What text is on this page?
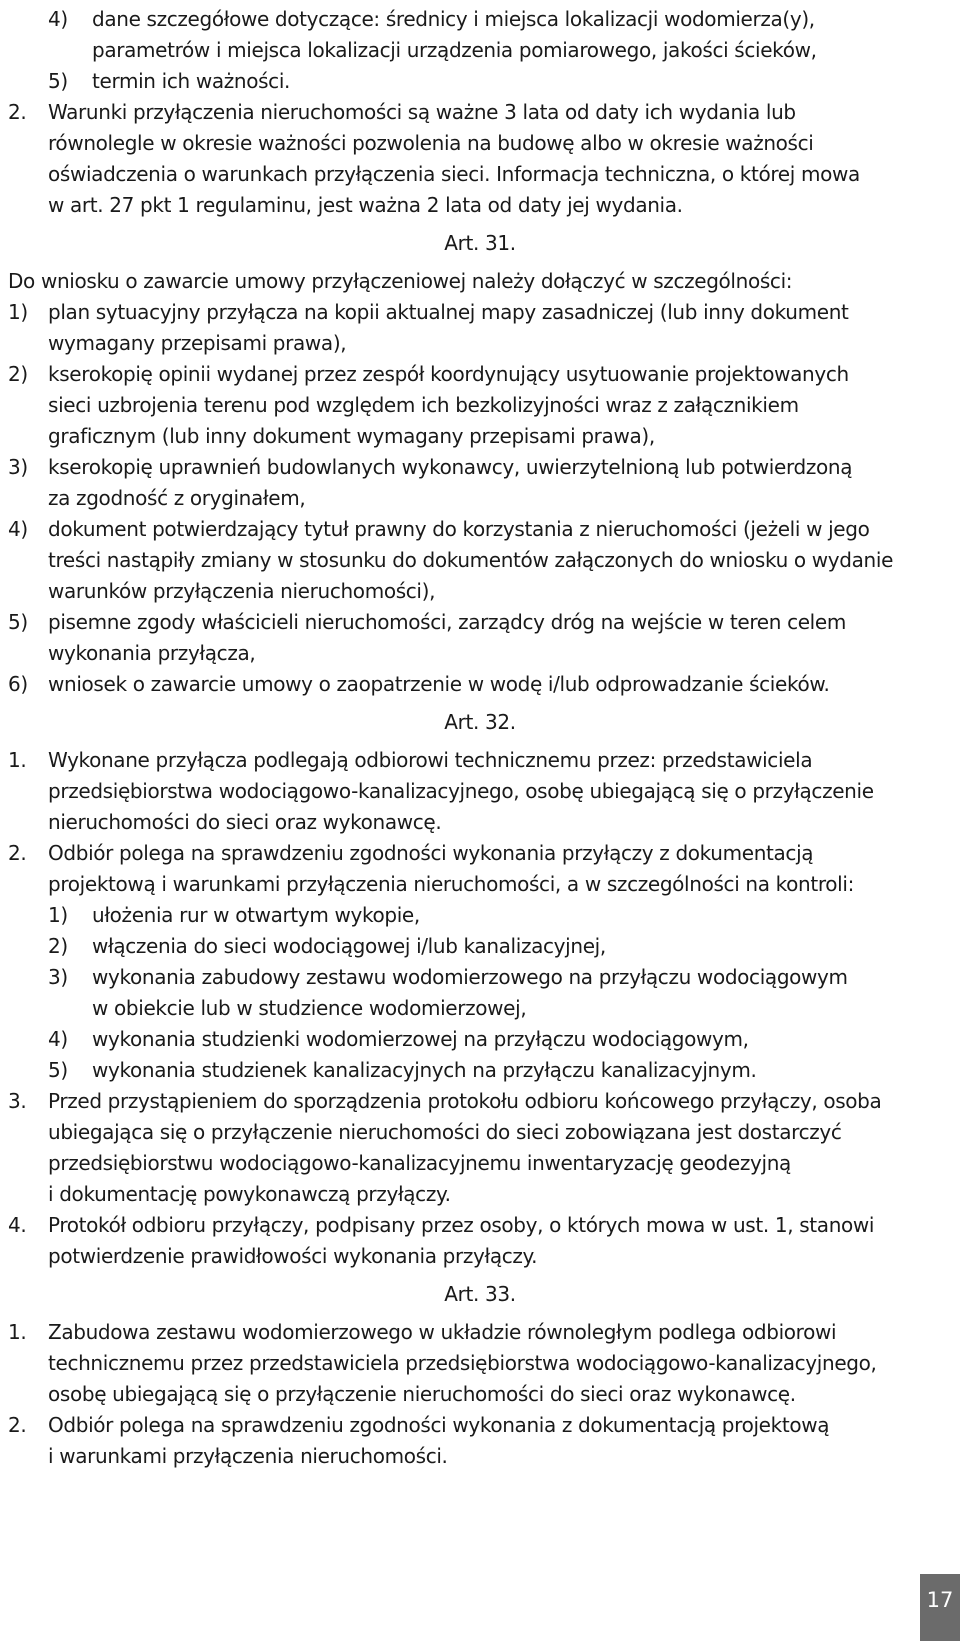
4) dane szczegółowe dotyczące: średnicy i miejsca lokalizacji wodomierza(y),
parametrów i miejsca lokalizacji urządzenia pomiarowego, jakości ścieków,
5) termin ich ważności.
2. Warunki przyłączenia nieruchomości są ważne 3 lata od daty ich wydania lub
równolegle w okresie ważności pozwolenia na budowę albo w okresie ważności
oświadczenia o warunkach przyłączenia sieci. Informacja techniczna, o której mowa
w art. 27 pkt 1 regulaminu, jest ważna 2 lata od daty jej wydania.
Art. 31.
Do wniosku o zawarcie umowy przyłączeniowej należy dołączyć w szczególności:
1) plan sytuacyjny przyłącza na kopii aktualnej mapy zasadniczej (lub inny dokument
wymagany przepisami prawa),
2) kserokopię opinii wydanej przez zespół koordynujący usytuowanie projektowanych
sieci uzbrojenia terenu pod względem ich bezkolizyjności wraz z załącznikiem
graficznym (lub inny dokument wymagany przepisami prawa),
3) kserokopię uprawnień budowlanych wykonawcy, uwierzytelnioną lub potwierdzoną
za zgodność z oryginałem,
4) dokument potwierdzający tytuł prawny do korzystania z nieruchomości (jeżeli w jego
treści nastąpiły zmiany w stosunku do dokumentów załączonych do wniosku o wydanie
warunków przyłączenia nieruchomości),
5) pisemne zgody właścicieli nieruchomości, zarządcy dróg na wejście w teren celem
wykonania przyłącza,
6) wniosek o zawarcie umowy o zaopatrzenie w wodę i/lub odprowadzanie ścieków.
Art. 32.
1. Wykonane przyłącza podlegają odbiorowi technicznemu przez: przedstawiciela
przedsiębiorstwa wodociągowo-kanalizacyjnego, osobę ubiegającą się o przyłączenie
nieruchomości do sieci oraz wykonawcę.
2. Odbiór polega na sprawdzeniu zgodności wykonania przyłączy z dokumentacją
projektową i warunkami przyłączenia nieruchomości, a w szczególności na kontroli:
1) ułożenia rur w otwartym wykopie,
2) włączenia do sieci wodociągowej i/lub kanalizacyjnej,
3) wykonania zabudowy zestawu wodomierzowego na przyłączu wodociągowym
w obiekcie lub w studzience wodomierzowej,
4) wykonania studzienki wodomierzowej na przyłączu wodociągowym,
5) wykonania studzienek kanalizacyjnych na przyłączu kanalizacyjnym.
3. Przed przystąpieniem do sporządzenia protokołu odbioru końcowego przyłączy, osoba
ubiegająca się o przyłączenie nieruchomości do sieci zobowiązana jest dostarczyć
przedsiębiorstwu wodociągowo-kanalizacyjnemu inwentaryzację geodezyjną
i dokumentację powykonawczą przyłączy.
4. Protokół odbioru przyłączy, podpisany przez osoby, o których mowa w ust. 1, stanowi
potwierdzenie prawidłowości wykonania przyłączy.
Art. 33.
1. Zabudowa zestawu wodomierzowego w układzie równoległym podlega odbiorowi
technicznemu przez przedstawiciela przedsiębiorstwa wodociągowo-kanalizacyjnego,
osobę ubiegającą się o przyłączenie nieruchomości do sieci oraz wykonawcę.
2. Odbiór polega na sprawdzeniu zgodności wykonania z dokumentacją projektową
i warunkami przyłączenia nieruchomości.
17
